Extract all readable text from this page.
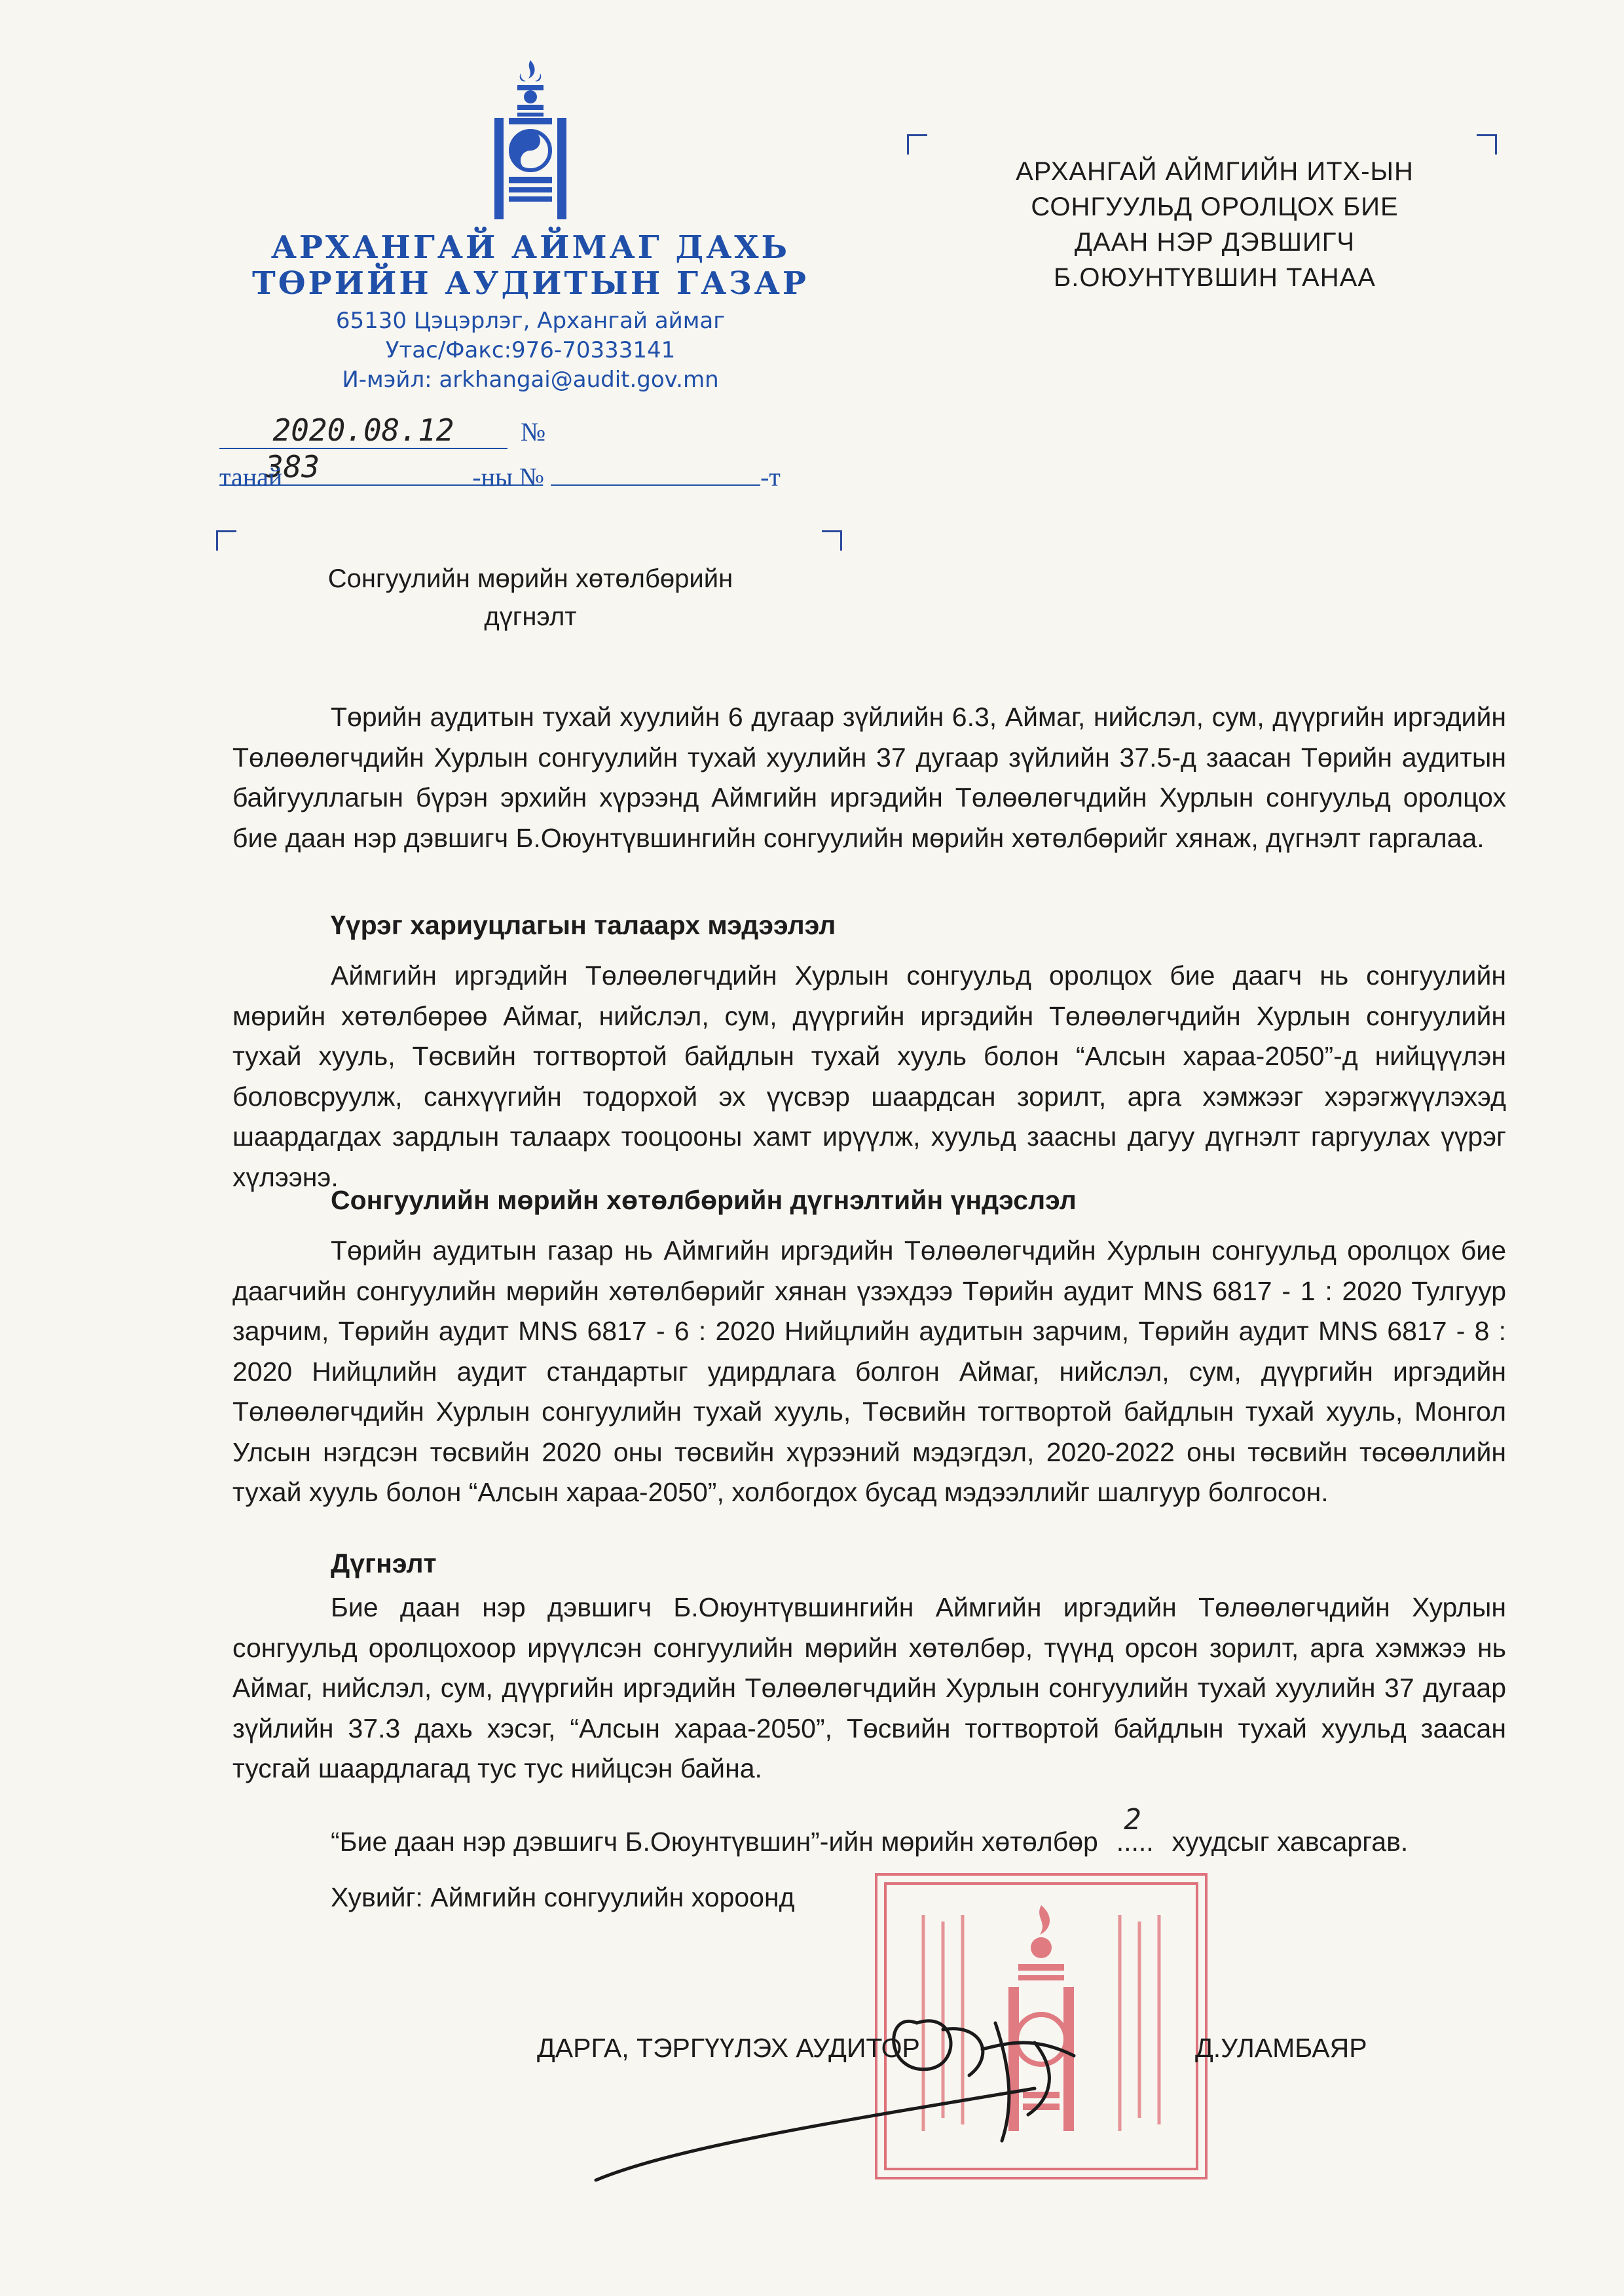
АРХАНГАЙ АЙМАГ ДАХЬ
ТӨРИЙН АУДИТЫН ГАЗАР
65130 Цэцэрлэг, Архангай аймаг
Утас/Факс:976-70333141
И-мэйл: arkhangai@audit.gov.mn
2020.08.12	№ 383
танай	-ны №	-т
АРХАНГАЙ АЙМГИЙН ИТХ-ЫН
СОНГУУЛЬД ОРОЛЦОХ БИЕ
ДААН НЭР ДЭВШИГЧ
Б.ОЮУНТҮВШИН ТАНАА
Сонгуулийн мөрийн хөтөлбөрийн
дүгнэлт
Төрийн аудитын тухай хуулийн 6 дугаар зүйлийн 6.3, Аймаг, нийслэл, сум, дүүргийн иргэдийн Төлөөлөгчдийн Хурлын сонгуулийн тухай хуулийн 37 дугаар зүйлийн 37.5-д заасан Төрийн аудитын байгууллагын бүрэн эрхийн хүрээнд Аймгийн иргэдийн Төлөөлөгчдийн Хурлын сонгуульд оролцох бие даан нэр дэвшигч Б.Оюунтүвшингийн сонгуулийн мөрийн хөтөлбөрийг хянаж, дүгнэлт гаргалаа.
Үүрэг хариуцлагын талаарх мэдээлэл
Аймгийн иргэдийн Төлөөлөгчдийн Хурлын сонгуульд оролцох бие даагч нь сонгуулийн мөрийн хөтөлбөрөө Аймаг, нийслэл, сум, дүүргийн иргэдийн Төлөөлөгчдийн Хурлын сонгуулийн тухай хууль, Төсвийн тогтвортой байдлын тухай хууль болон “Алсын хараа-2050”-д нийцүүлэн боловсруулж, санхүүгийн тодорхой эх үүсвэр шаардсан зорилт, арга хэмжээг хэрэгжүүлэхэд шаардагдах зардлын талаарх тооцооны хамт ирүүлж, хуульд заасны дагуу дүгнэлт гаргуулах үүрэг хүлээнэ.
Сонгуулийн мөрийн хөтөлбөрийн дүгнэлтийн үндэслэл
Төрийн аудитын газар нь Аймгийн иргэдийн Төлөөлөгчдийн Хурлын сонгуульд оролцох бие даагчийн сонгуулийн мөрийн хөтөлбөрийг хянан үзэхдээ Төрийн аудит MNS 6817 - 1 : 2020 Тулгуур зарчим, Төрийн аудит MNS 6817 - 6 : 2020 Нийцлийн аудитын зарчим, Төрийн аудит MNS 6817 - 8 : 2020 Нийцлийн аудит стандартыг удирдлага болгон Аймаг, нийслэл, сум, дүүргийн иргэдийн Төлөөлөгчдийн Хурлын сонгуулийн тухай хууль, Төсвийн тогтвортой байдлын тухай хууль, Монгол Улсын нэгдсэн төсвийн 2020 оны төсвийн хүрээний мэдэгдэл, 2020-2022 оны төсвийн төсөөллийн тухай хууль болон “Алсын хараа-2050”, холбогдох бусад мэдээллийг шалгуур болгосон.
Дүгнэлт
Бие даан нэр дэвшигч Б.Оюунтүвшингийн Аймгийн иргэдийн Төлөөлөгчдийн Хурлын сонгуульд оролцохоор ирүүлсэн сонгуулийн мөрийн хөтөлбөр, түүнд орсон зорилт, арга хэмжээ нь Аймаг, нийслэл, сум, дүүргийн иргэдийн Төлөөлөгчдийн Хурлын сонгуулийн тухай хуулийн 37 дугаар зүйлийн 37.3 дахь хэсэг, “Алсын хараа-2050”, Төсвийн тогтвортой байдлын тухай хуульд заасан тусгай шаардлагад тус тус нийцсэн байна.
“Бие даан нэр дэвшигч Б.Оюунтүвшин”-ийн мөрийн хөтөлбөр
2
..... хуудсыг хавсаргав.
Хувийг: Аймгийн сонгуулийн хороонд
ДАРГА, ТЭРГҮҮЛЭХ АУДИТОР	Д.УЛАМБАЯР
